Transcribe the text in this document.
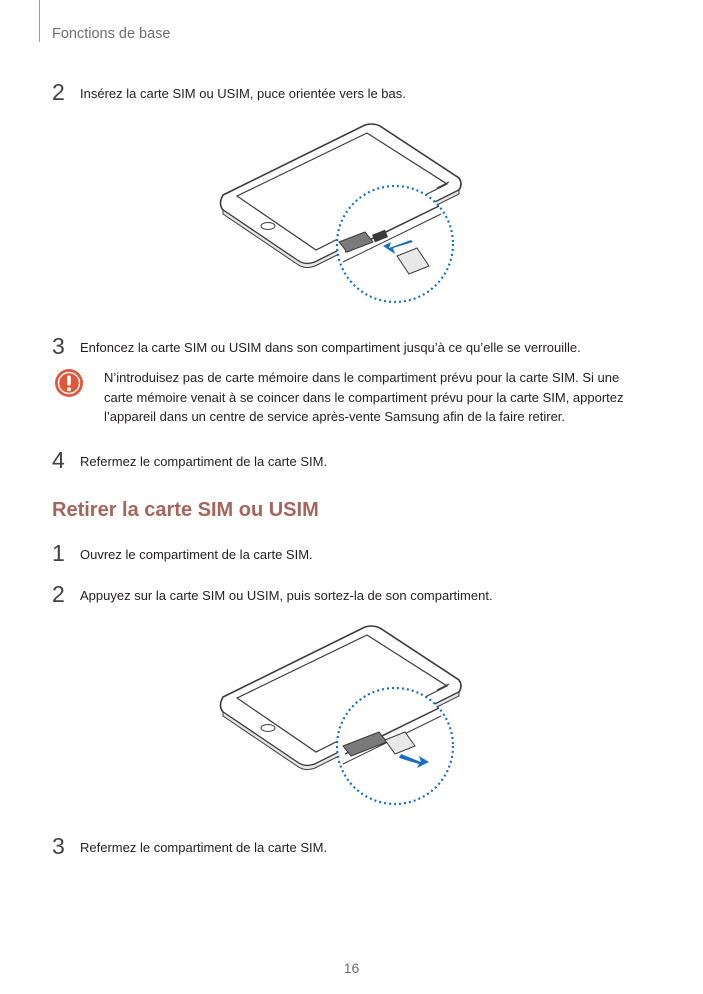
Fonctions de base
2	Insérez la carte SIM ou USIM, puce orientée vers le bas.
3	Enfoncez la carte SIM ou USIM dans son compartiment jusqu’à ce qu’elle se verrouille.
N’introduisez pas de carte mémoire dans le compartiment prévu pour la carte SIM. Si une carte mémoire venait à se coincer dans le compartiment prévu pour la carte SIM, apportez l’appareil dans un centre de service après-vente Samsung afin de la faire retirer.
4	Refermez le compartiment de la carte SIM.
Retirer la carte SIM ou USIM
1	Ouvrez le compartiment de la carte SIM.
2	Appuyez sur la carte SIM ou USIM, puis sortez-la de son compartiment.
3	Refermez le compartiment de la carte SIM.
16
